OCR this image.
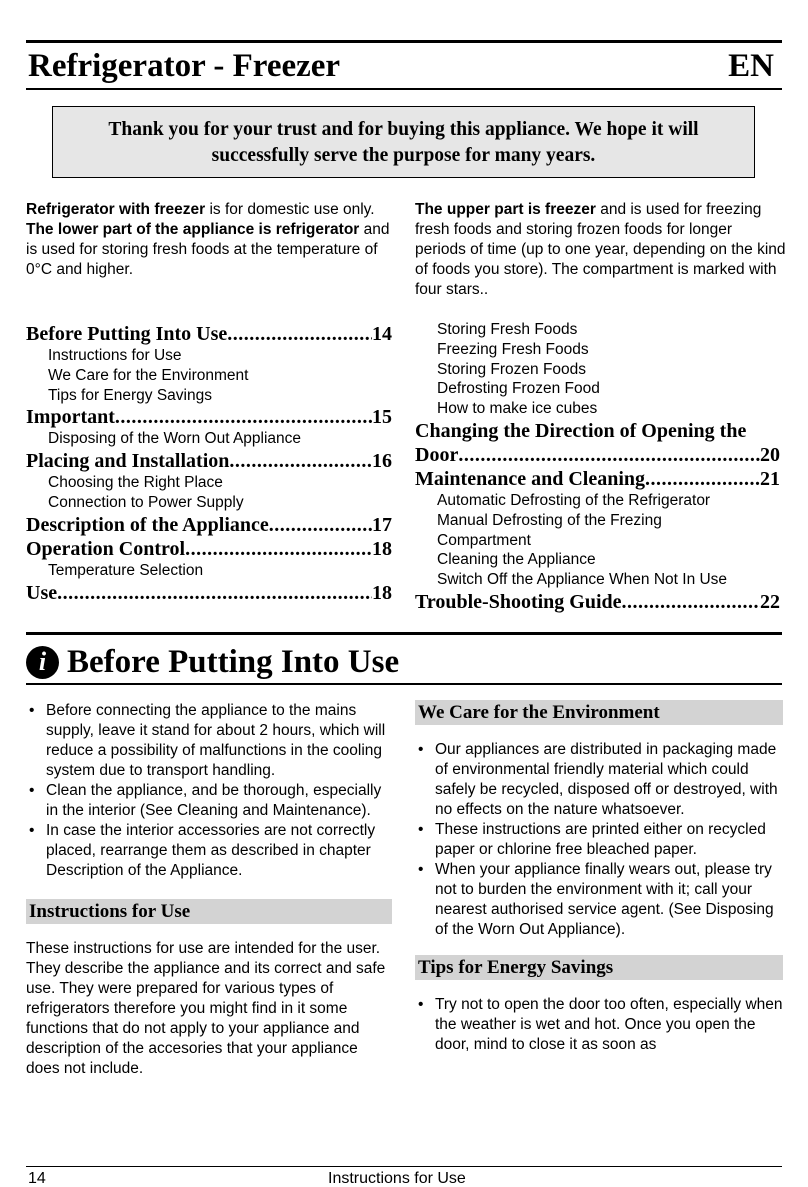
Refrigerator - Freezer	EN
Thank you for your trust and for buying this appliance. We hope it will
successfully serve the purpose for many years.

Refrigerator with freezer is for domestic use only.

The lower part of the appliance is refrigerator and is used for storing fresh foods at the temperature of 0°C and higher.

The upper part is freezer and is used for freezing fresh foods and storing frozen foods for longer periods of time (up to one year, depending on the kind of foods you store). The compartment is marked with four stars..

Before Putting Into Use .....	14
Instructions for Use
We Care for the Environment
Tips for Energy Savings
Important .....	15
Disposing of the Worn Out Appliance
Placing and Installation .....	16
Choosing the Right Place
Connection to Power Supply
Description of the Appliance .....	17
Operation Control .....	18
Temperature Selection
Use .....	18
Storing Fresh Foods
Freezing Fresh Foods
Storing Frozen Foods
Defrosting Frozen Food
How to make ice cubes
Changing the Direction of Opening the
Door .....	20
Maintenance and Cleaning .....	21
Automatic Defrosting of the Refrigerator
Manual Defrosting of the Frezing
Compartment
Cleaning the Appliance
Switch Off the Appliance When Not In Use
Trouble-Shooting Guide .....	22
i Before Putting Into Use
• Before connecting the appliance to the mains supply, leave it stand for about 2 hours, which will reduce a possibility of malfunctions in the cooling system due to transport handling.
• Clean the appliance, and be thorough, especially in the interior (See Cleaning and Maintenance).
• In case the interior accessories are not correctly placed, rearrange them as described in chapter Description of the Appliance.
Instructions for Use

These instructions for use are intended for the user. They describe the appliance and its correct and safe use. They were prepared for various types of refrigerators therefore you might find in it some functions that do not apply to your appliance and description of the accesories that your appliance does not include.

We Care for the Environment
• Our appliances are distributed in packaging made of environmental friendly material which could safely be recycled, disposed off or destroyed, with no effects on the nature whatsoever.
• These instructions are printed either on recycled paper or chlorine free bleached paper.
• When your appliance finally wears out, please try not to burden the environment with it; call your nearest authorised service agent. (See Disposing of the Worn Out Appliance).
Tips for Energy Savings
• Try not to open the door too often, especially when the weather is wet and hot. Once you open the door, mind to close it as soon as
14	Instructions for Use
